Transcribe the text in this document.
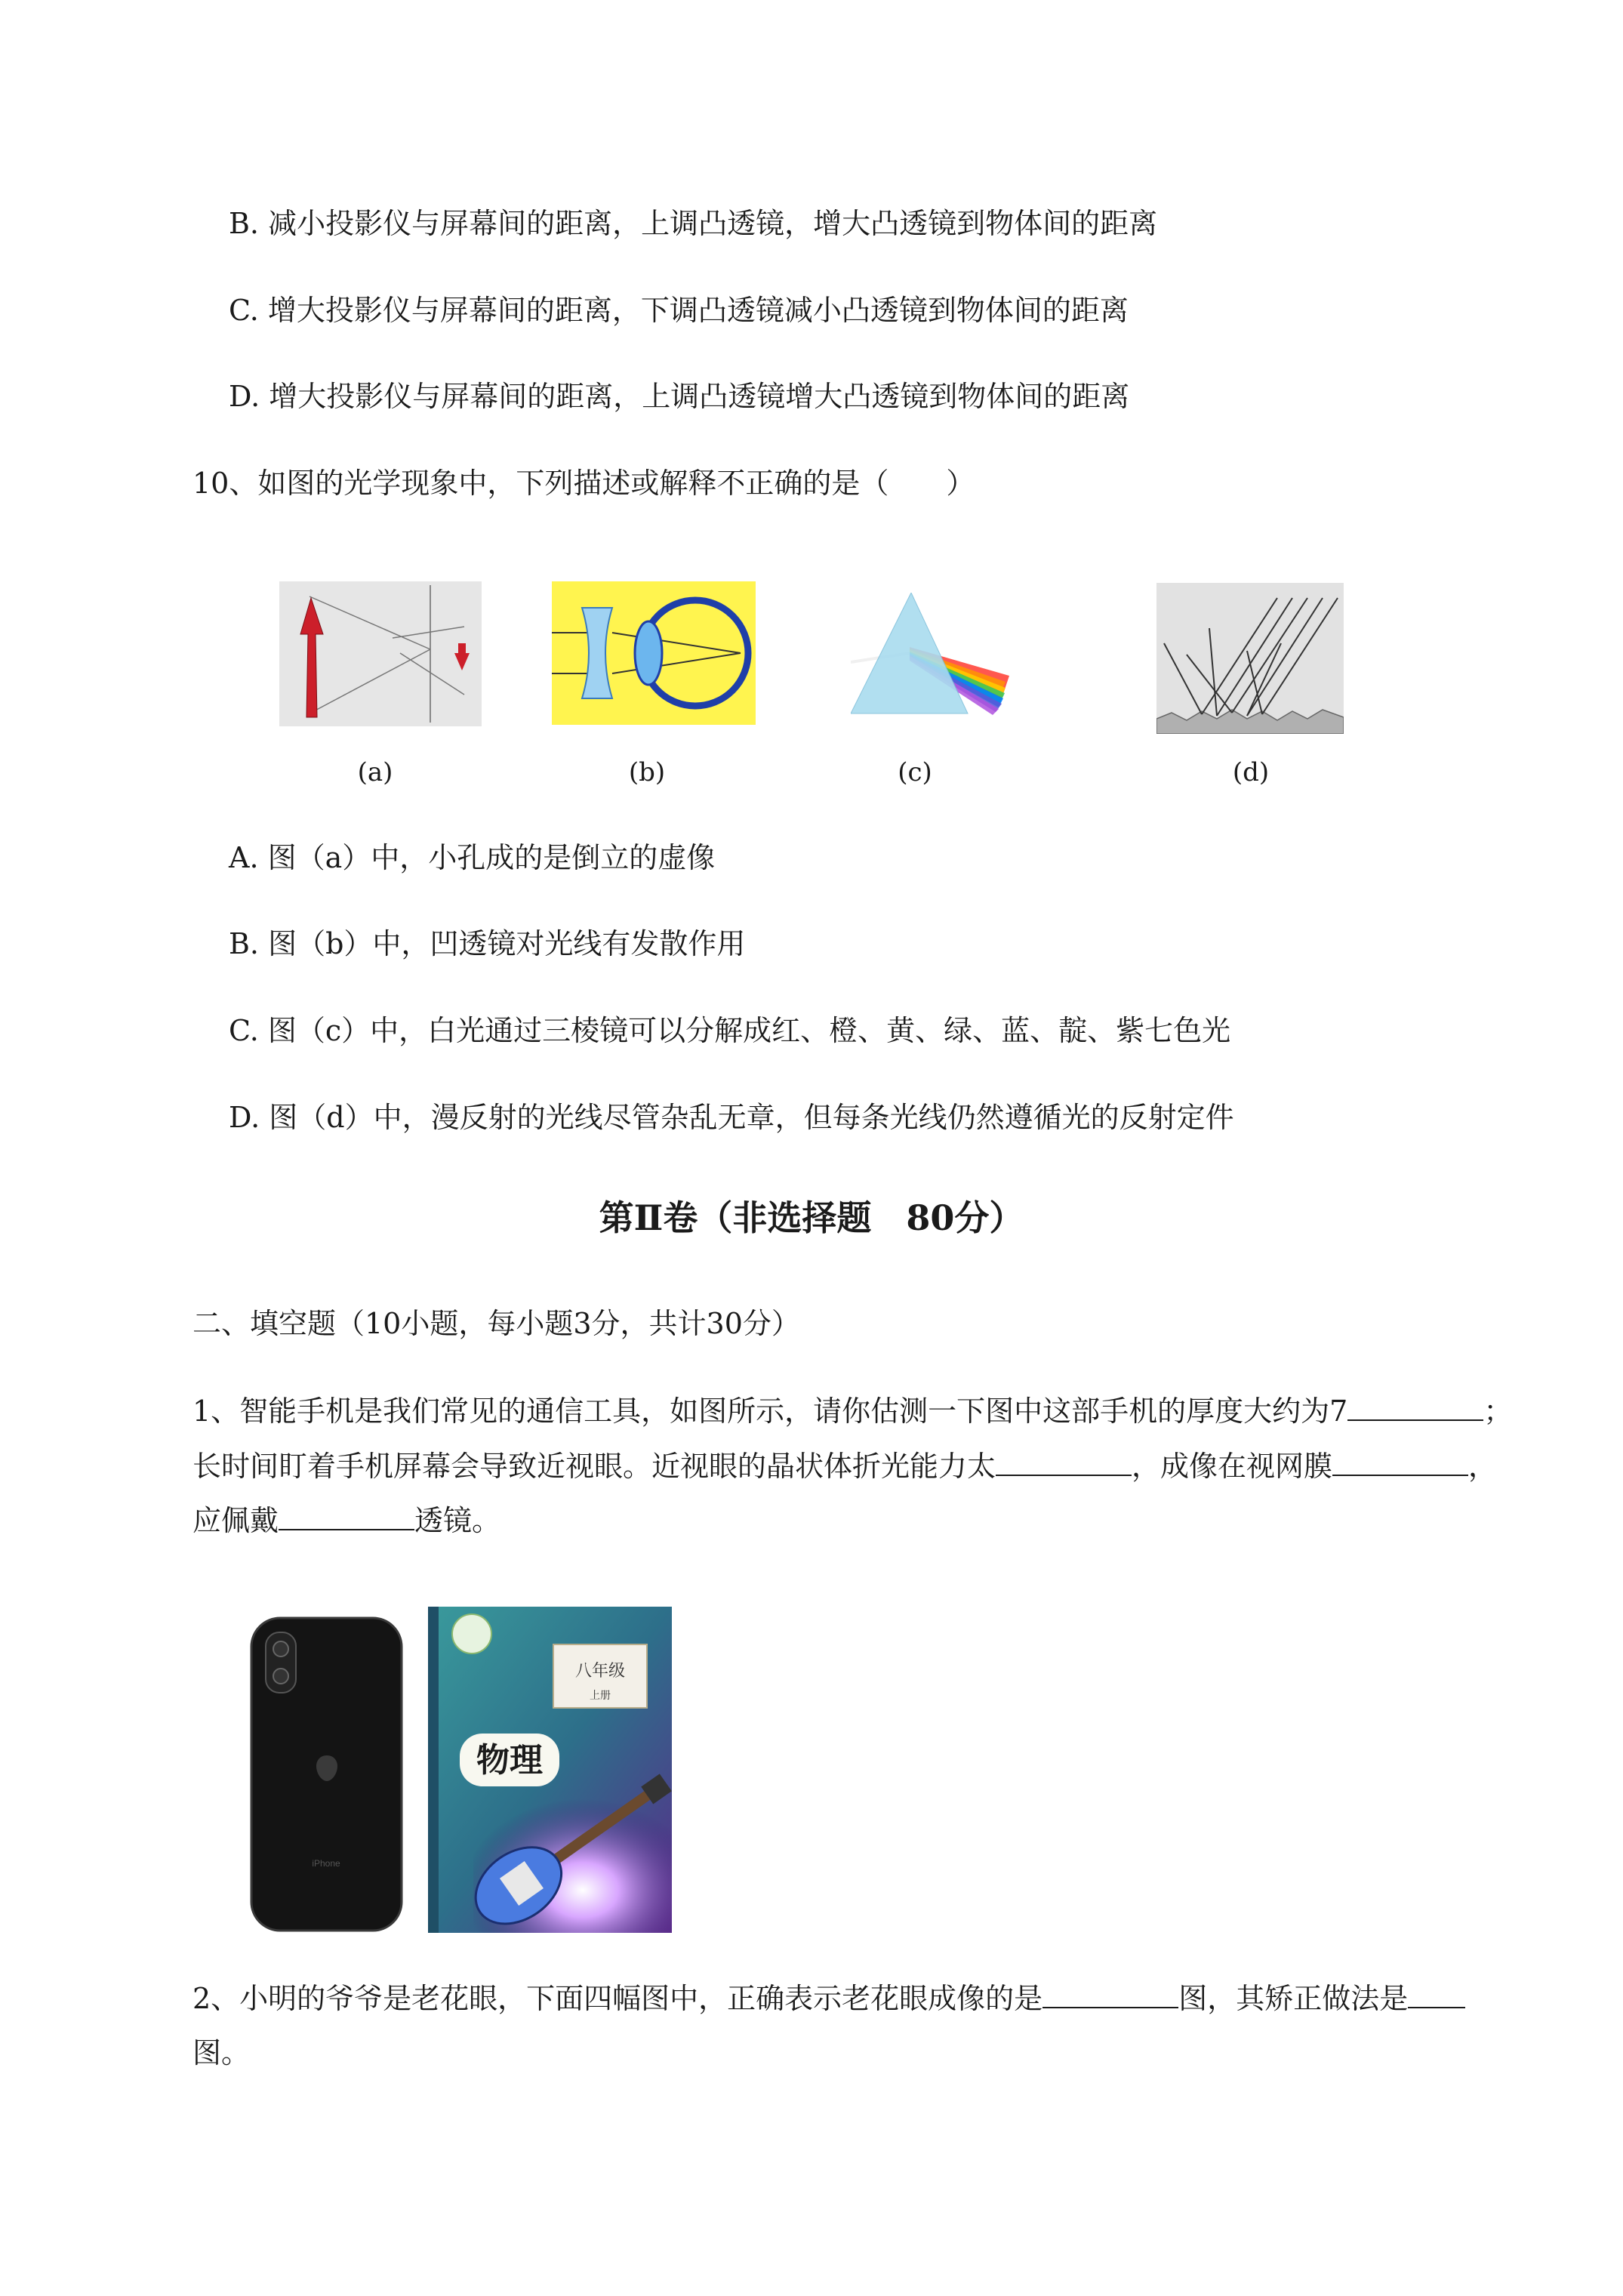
B. 减小投影仪与屏幕间的距离，上调凸透镜，增大凸透镜到物体间的距离
C. 增大投影仪与屏幕间的距离，下调凸透镜减小凸透镜到物体间的距离
D. 增大投影仪与屏幕间的距离，上调凸透镜增大凸透镜到物体间的距离
10、如图的光学现象中，下列描述或解释不正确的是（　　）
(a)	(b)	(c)	(d)
A. 图（a）中，小孔成的是倒立的虚像
B. 图（b）中，凹透镜对光线有发散作用
C. 图（c）中，白光通过三棱镜可以分解成红、橙、黄、绿、蓝、靛、紫七色光
D. 图（d）中，漫反射的光线尽管杂乱无章，但每条光线仍然遵循光的反射定件
第Ⅱ卷（非选择题　80分）
二、填空题（10小题，每小题3分，共计30分）
1、智能手机是我们常见的通信工具，如图所示，请你估测一下图中这部手机的厚度大约为7	；
长时间盯着手机屏幕会导致近视眼。近视眼的晶状体折光能力太	，成像在视网膜	，
应佩戴	透镜。
iPhone
八年级
上册
物理
2、小明的爷爷是老花眼，下面四幅图中，正确表示老花眼成像的是	图，其矫正做法是
图。
